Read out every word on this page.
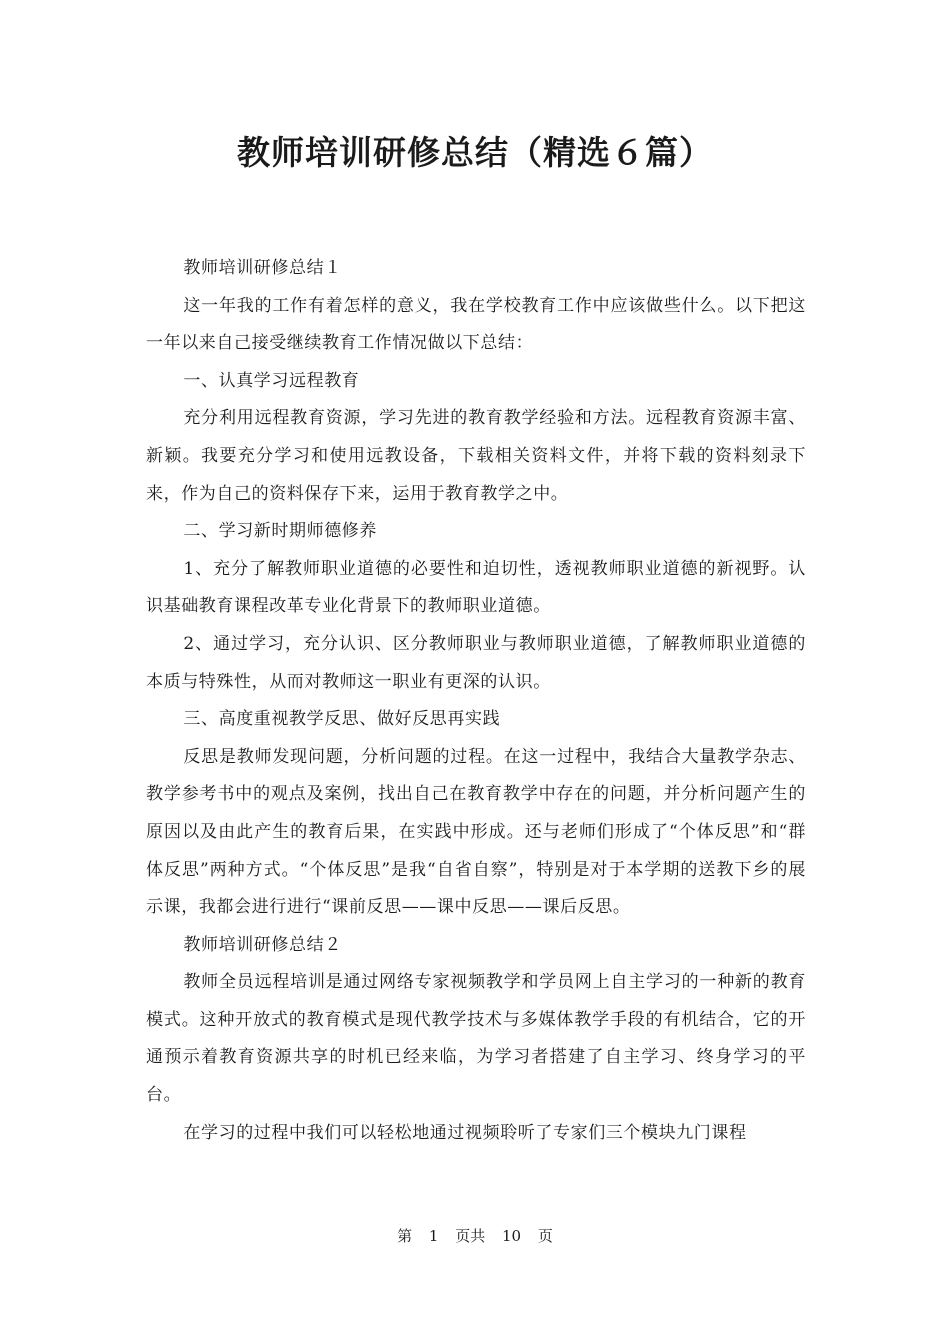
教师培训研修总结（精选６篇）

教师培训研修总结１

这一年我的工作有着怎样的意义，我在学校教育工作中应该做些什么。以下把这一年以来自己接受继续教育工作情况做以下总结：

一、认真学习远程教育

充分利用远程教育资源，学习先进的教育教学经验和方法。远程教育资源丰富、新颖。我要充分学习和使用远教设备，下载相关资料文件，并将下载的资料刻录下来，作为自己的资料保存下来，运用于教育教学之中。

二、学习新时期师德修养

1、充分了解教师职业道德的必要性和迫切性，透视教师职业道德的新视野。认识基础教育课程改革专业化背景下的教师职业道德。

2、通过学习，充分认识、区分教师职业与教师职业道德，了解教师职业道德的本质与特殊性，从而对教师这一职业有更深的认识。

三、高度重视教学反思、做好反思再实践

反思是教师发现问题，分析问题的过程。在这一过程中，我结合大量教学杂志、教学参考书中的观点及案例，找出自己在教育教学中存在的问题，并分析问题产生的原因以及由此产生的教育后果，在实践中形成。还与老师们形成了“个体反思”和“群体反思”两种方式。“个体反思”是我“自省自察”，特别是对于本学期的送教下乡的展示课，我都会进行进行“课前反思——课中反思——课后反思。

教师培训研修总结２

教师全员远程培训是通过网络专家视频教学和学员网上自主学习的一种新的教育模式。这种开放式的教育模式是现代教学技术与多媒体教学手段的有机结合，它的开通预示着教育资源共享的时机已经来临，为学习者搭建了自主学习、终身学习的平台。

在学习的过程中我们可以轻松地通过视频聆听了专家们三个模块九门课程

第 1 页共 10 页
